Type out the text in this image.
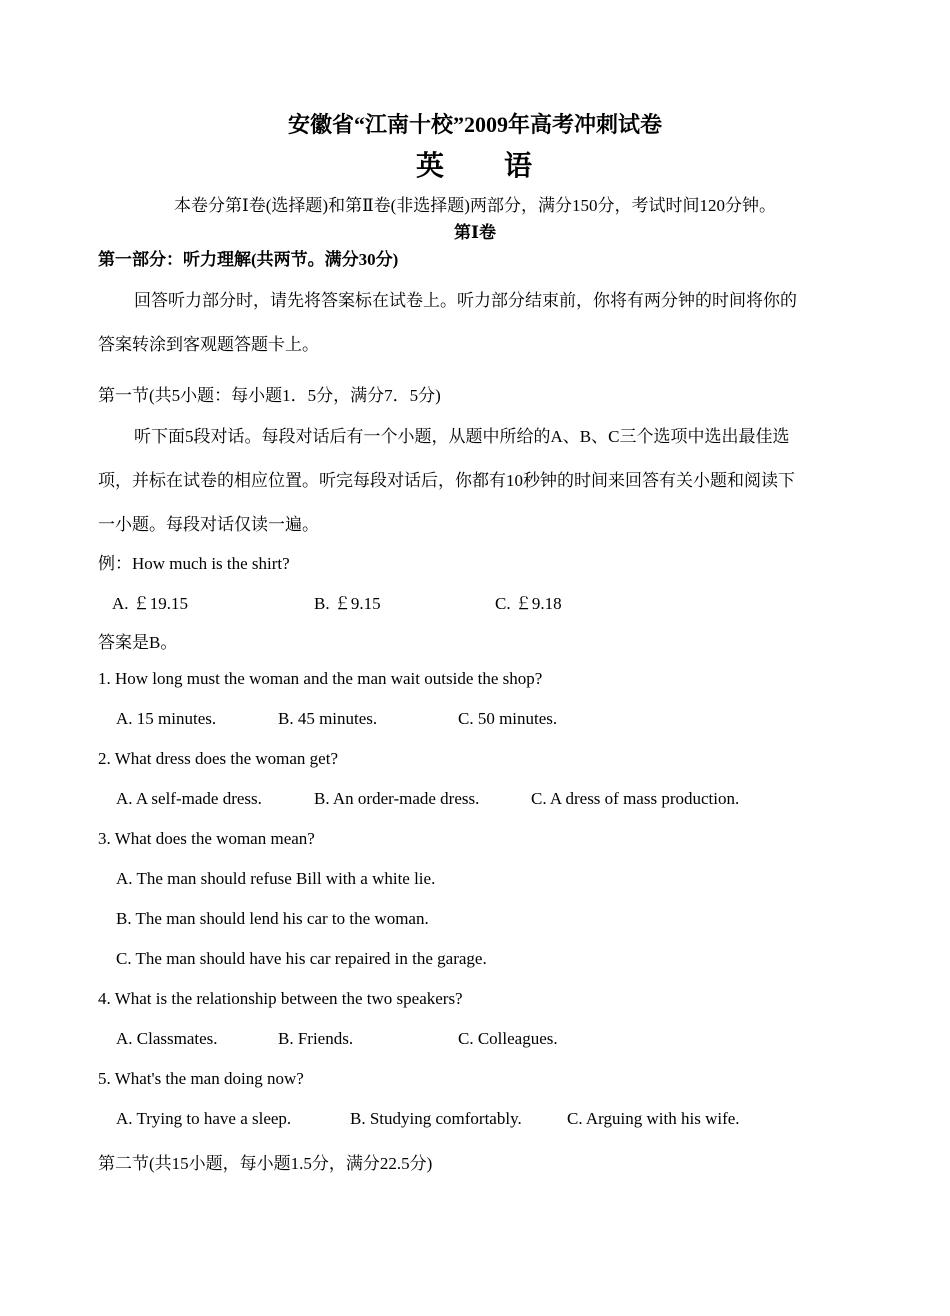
安徽省“江南十校”2009年高考冲刺试卷
英 语
本卷分第Ⅰ卷(选择题)和第Ⅱ卷(非选择题)两部分，满分150分，考试时间120分钟。
第Ⅰ卷
第一部分：听力理解(共两节。满分30分)
回答听力部分时，请先将答案标在试卷上。听力部分结束前，你将有两分钟的时间将你的
答案转涂到客观题答题卡上。
第一节(共5小题：每小题1．5分，满分7．5分)
听下面5段对话。每段对话后有一个小题，从题中所给的A、B、C三个选项中选出最佳选
项，并标在试卷的相应位置。听完每段对话后，你都有10秒钟的时间来回答有关小题和阅读下
一小题。每段对话仅读一遍。
例：How much is the shirt?
A. ￡19.15	B. ￡9.15	C. ￡9.18
答案是B。
1. How long must the woman and the man wait outside the shop?
A. 15 minutes.	B. 45 minutes.	C. 50 minutes.
2. What dress does the woman get?
A. A self-made dress.	B. An order-made dress.	C. A dress of mass production.
3. What does the woman mean?
A. The man should refuse Bill with a white lie.
B. The man should lend his car to the woman.
C. The man should have his car repaired in the garage.
4. What is the relationship between the two speakers?
A. Classmates.	B. Friends.	C. Colleagues.
5. What's the man doing now?
A. Trying to have a sleep.	B. Studying comfortably.	C. Arguing with his wife.
第二节(共15小题，每小题1.5分，满分22.5分)
